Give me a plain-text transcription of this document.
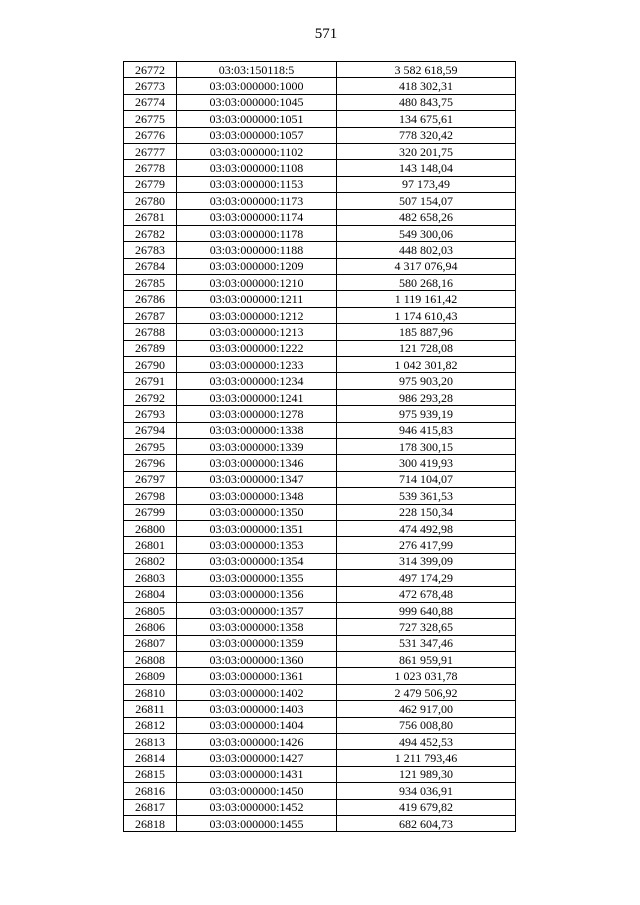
571
26772	03:03:150118:5	3 582 618,59
26773	03:03:000000:1000	418 302,31
26774	03:03:000000:1045	480 843,75
26775	03:03:000000:1051	134 675,61
26776	03:03:000000:1057	778 320,42
26777	03:03:000000:1102	320 201,75
26778	03:03:000000:1108	143 148,04
26779	03:03:000000:1153	97 173,49
26780	03:03:000000:1173	507 154,07
26781	03:03:000000:1174	482 658,26
26782	03:03:000000:1178	549 300,06
26783	03:03:000000:1188	448 802,03
26784	03:03:000000:1209	4 317 076,94
26785	03:03:000000:1210	580 268,16
26786	03:03:000000:1211	1 119 161,42
26787	03:03:000000:1212	1 174 610,43
26788	03:03:000000:1213	185 887,96
26789	03:03:000000:1222	121 728,08
26790	03:03:000000:1233	1 042 301,82
26791	03:03:000000:1234	975 903,20
26792	03:03:000000:1241	986 293,28
26793	03:03:000000:1278	975 939,19
26794	03:03:000000:1338	946 415,83
26795	03:03:000000:1339	178 300,15
26796	03:03:000000:1346	300 419,93
26797	03:03:000000:1347	714 104,07
26798	03:03:000000:1348	539 361,53
26799	03:03:000000:1350	228 150,34
26800	03:03:000000:1351	474 492,98
26801	03:03:000000:1353	276 417,99
26802	03:03:000000:1354	314 399,09
26803	03:03:000000:1355	497 174,29
26804	03:03:000000:1356	472 678,48
26805	03:03:000000:1357	999 640,88
26806	03:03:000000:1358	727 328,65
26807	03:03:000000:1359	531 347,46
26808	03:03:000000:1360	861 959,91
26809	03:03:000000:1361	1 023 031,78
26810	03:03:000000:1402	2 479 506,92
26811	03:03:000000:1403	462 917,00
26812	03:03:000000:1404	756 008,80
26813	03:03:000000:1426	494 452,53
26814	03:03:000000:1427	1 211 793,46
26815	03:03:000000:1431	121 989,30
26816	03:03:000000:1450	934 036,91
26817	03:03:000000:1452	419 679,82
26818	03:03:000000:1455	682 604,73
